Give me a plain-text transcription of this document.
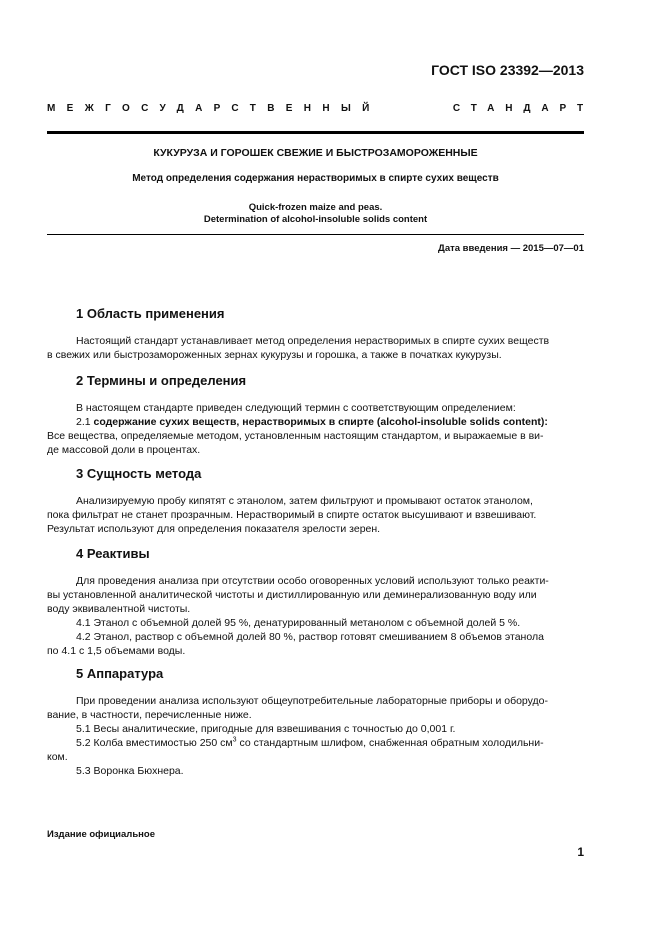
ГОСТ ISO 23392—2013
МЕЖГОСУДАРСТВЕННЫЙ	СТАНДАРТ
КУКУРУЗА И ГОРОШЕК СВЕЖИЕ И БЫСТРОЗАМОРОЖЕННЫЕ
Метод определения содержания нерастворимых в спирте сухих веществ
Quick-frozen maize and peas.
Determination of alcohol-insoluble solids content
Дата введения — 2015—07—01
1 Область применения
Настоящий стандарт устанавливает метод определения нерастворимых в спирте сухих веществ
в свежих или быстрозамороженных зернах кукурузы и горошка, а также в початках кукурузы.
2 Термины и определения
В настоящем стандарте приведен следующий термин с соответствующим определением:
2.1 содержание сухих веществ, нерастворимых в спирте (alcohol-insoluble solids content):
Все вещества, определяемые методом, установленным настоящим стандартом, и выражаемые в ви-
де массовой доли в процентах.
3 Сущность метода
Анализируемую пробу кипятят с этанолом, затем фильтруют и промывают остаток этанолом,
пока фильтрат не станет прозрачным. Нерастворимый в спирте остаток высушивают и взвешивают.
Результат используют для определения показателя зрелости зерен.
4 Реактивы
Для проведения анализа при отсутствии особо оговоренных условий используют только реакти-
вы установленной аналитической чистоты и дистиллированную или деминерализованную воду или
воду эквивалентной чистоты.
4.1 Этанол с объемной долей 95 %, денатурированный метанолом с объемной долей 5 %.
4.2 Этанол, раствор с объемной долей 80 %, раствор готовят смешиванием 8 объемов этанола
по 4.1 с 1,5 объемами воды.
5 Аппаратура
При проведении анализа используют общеупотребительные лабораторные приборы и оборудо-
вание, в частности, перечисленные ниже.
5.1 Весы аналитические, пригодные для взвешивания с точностью до 0,001 г.
5.2 Колба вместимостью 250 $см^3$ со стандартным шлифом, снабженная обратным холодильни-
ком.
5.3 Воронка Бюхнера.
Издание официальное
1
